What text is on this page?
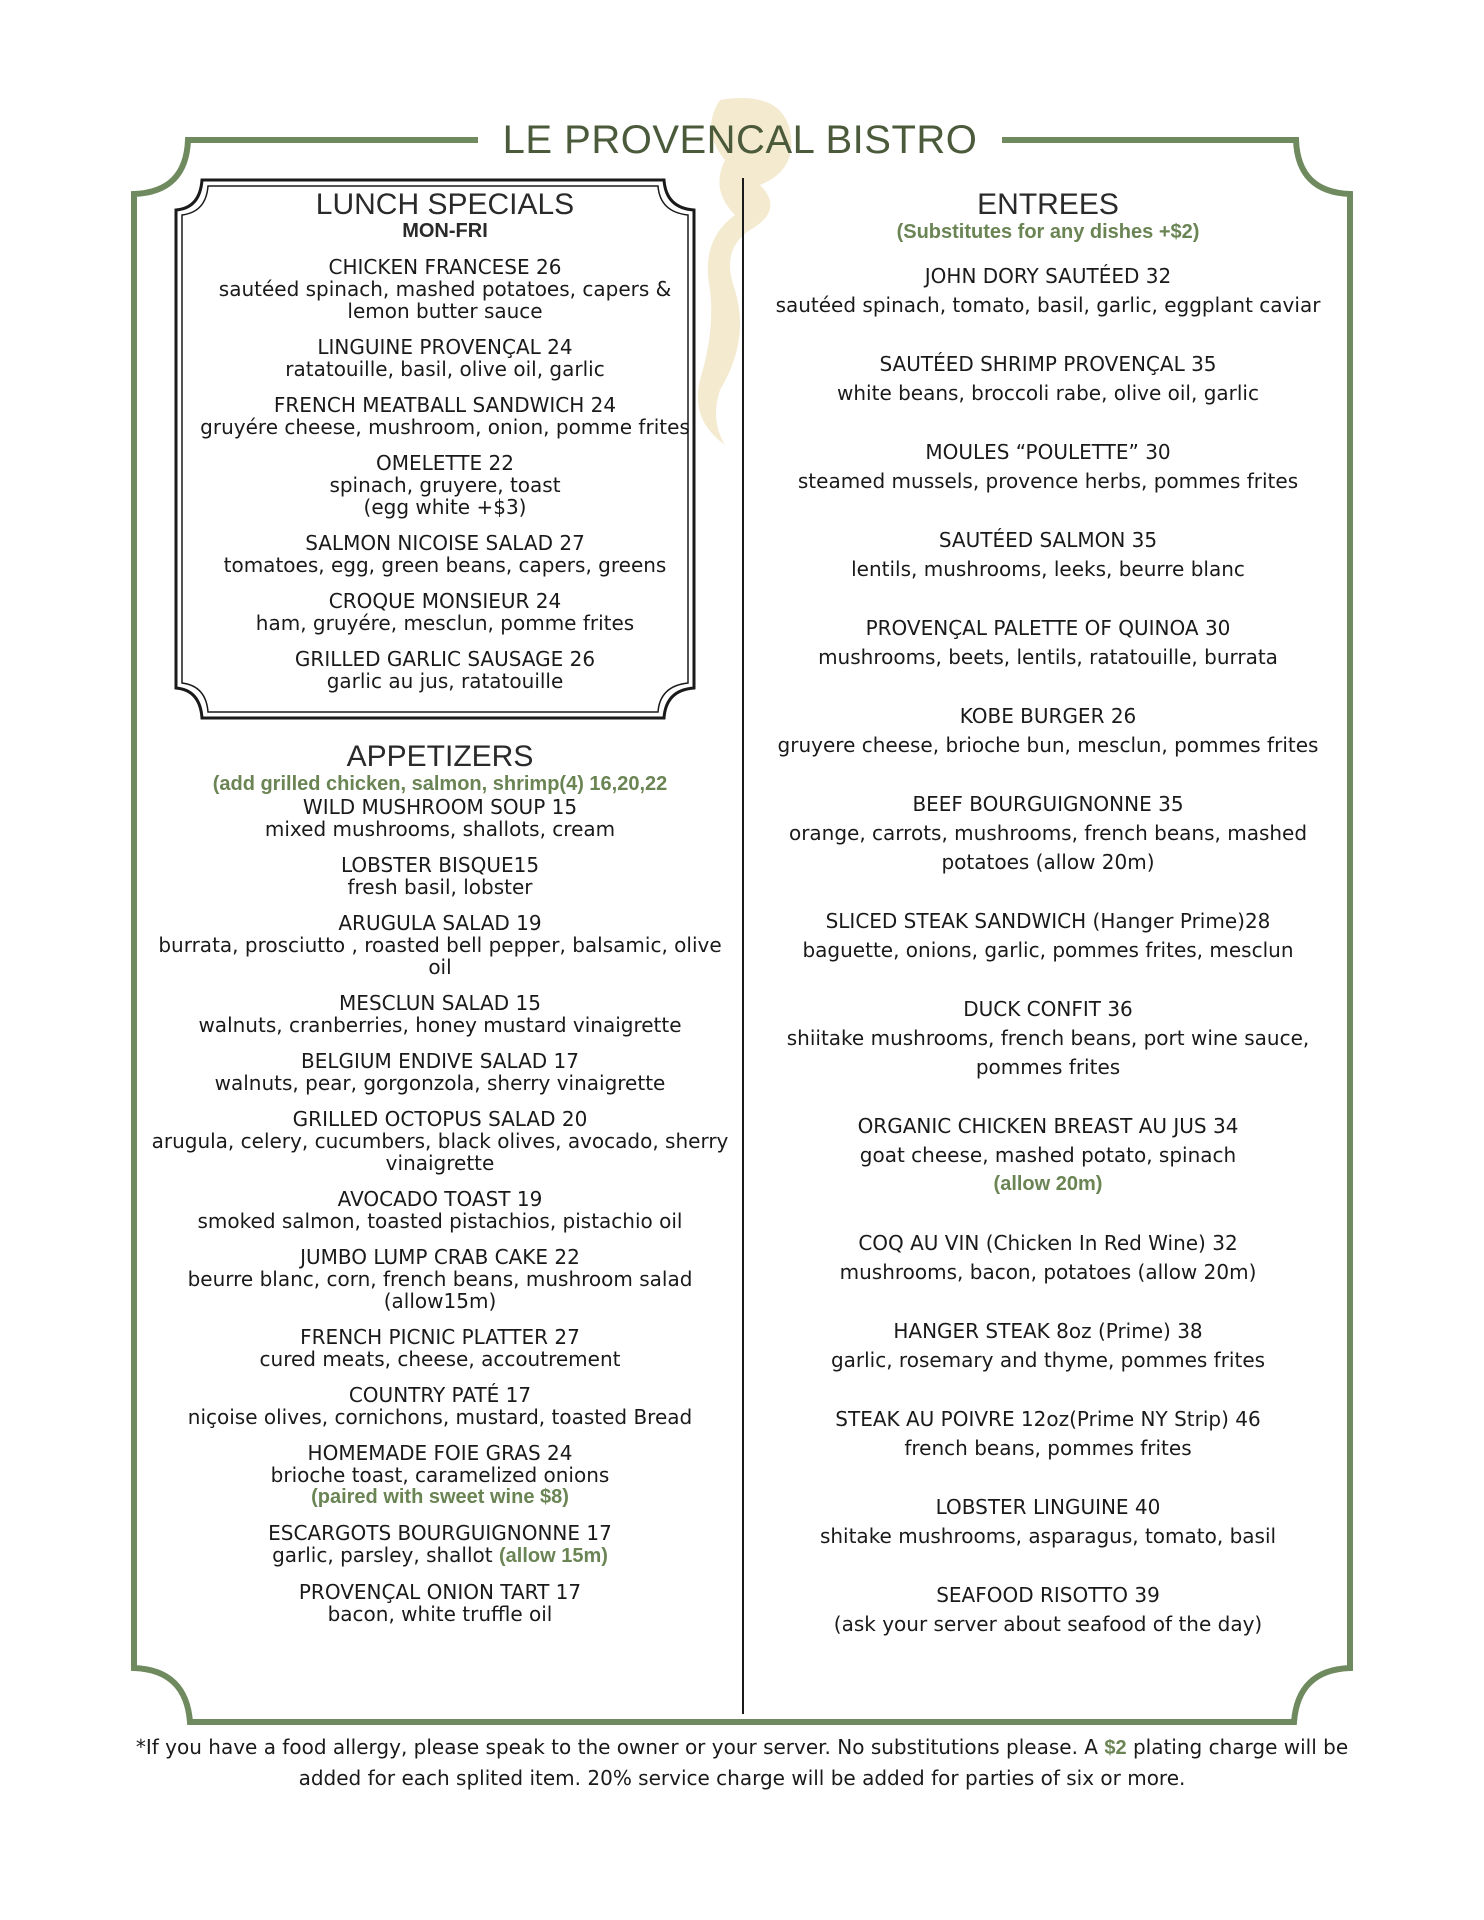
LE PROVENCAL BISTRO
LUNCH SPECIALS
MON-FRI
CHICKEN FRANCESE 26
sautéed spinach, mashed potatoes, capers & lemon butter sauce
LINGUINE PROVENÇAL 24
ratatouille, basil, olive oil, garlic
FRENCH MEATBALL SANDWICH 24
gruyére cheese, mushroom, onion, pomme frites
OMELETTE 22
spinach, gruyere, toast
(egg white +$3)
SALMON NICOISE SALAD 27
tomatoes, egg, green beans, capers, greens
CROQUE MONSIEUR 24
ham, gruyére, mesclun, pomme frites
GRILLED GARLIC SAUSAGE 26
garlic au jus, ratatouille
APPETIZERS
(add grilled chicken, salmon, shrimp(4) 16,20,22
WILD MUSHROOM SOUP 15
mixed mushrooms, shallots, cream
LOBSTER BISQUE15
fresh basil, lobster
ARUGULA SALAD 19
burrata, prosciutto , roasted bell pepper, balsamic, olive oil
MESCLUN SALAD 15
walnuts, cranberries, honey mustard vinaigrette
BELGIUM ENDIVE SALAD 17
walnuts, pear, gorgonzola, sherry vinaigrette
GRILLED OCTOPUS SALAD 20
arugula, celery, cucumbers, black olives, avocado, sherry vinaigrette
AVOCADO TOAST 19
smoked salmon, toasted pistachios, pistachio oil
JUMBO LUMP CRAB CAKE 22
beurre blanc, corn, french beans, mushroom salad (allow15m)
FRENCH PICNIC PLATTER 27
cured meats, cheese, accoutrement
COUNTRY PATÉ 17
niçoise olives, cornichons, mustard, toasted Bread
HOMEMADE FOIE GRAS 24
brioche toast, caramelized onions
(paired with sweet wine $8)
ESCARGOTS BOURGUIGNONNE 17
garlic, parsley, shallot (allow 15m)
PROVENÇAL ONION TART 17
bacon, white truffle oil
ENTREES
(Substitutes for any dishes +$2)
JOHN DORY SAUTÉED 32
sautéed spinach, tomato, basil, garlic, eggplant caviar
SAUTÉED SHRIMP PROVENÇAL 35
white beans, broccoli rabe, olive oil, garlic
MOULES “POULETTE” 30
steamed mussels, provence herbs, pommes frites
SAUTÉED SALMON 35
lentils, mushrooms, leeks, beurre blanc
PROVENÇAL PALETTE OF QUINOA 30
mushrooms, beets, lentils, ratatouille, burrata
KOBE BURGER 26
gruyere cheese, brioche bun, mesclun, pommes frites
BEEF BOURGUIGNONNE 35
orange, carrots, mushrooms, french beans, mashed potatoes (allow 20m)
SLICED STEAK SANDWICH (Hanger Prime)28
baguette, onions, garlic, pommes frites, mesclun
DUCK CONFIT 36
shiitake mushrooms, french beans, port wine sauce, pommes frites
ORGANIC CHICKEN BREAST AU JUS 34
goat cheese, mashed potato, spinach
(allow 20m)
COQ AU VIN (Chicken In Red Wine) 32
mushrooms, bacon, potatoes (allow 20m)
HANGER STEAK 8oz (Prime) 38
garlic, rosemary and thyme, pommes frites
STEAK AU POIVRE 12oz(Prime NY Strip) 46
french beans, pommes frites
LOBSTER LINGUINE 40
shitake mushrooms, asparagus, tomato, basil
SEAFOOD RISOTTO 39
(ask your server about seafood of the day)
*If you have a food allergy, please speak to the owner or your server. No substitutions please. A $2 plating charge will be added for each splited item. 20% service charge will be added for parties of six or more.
